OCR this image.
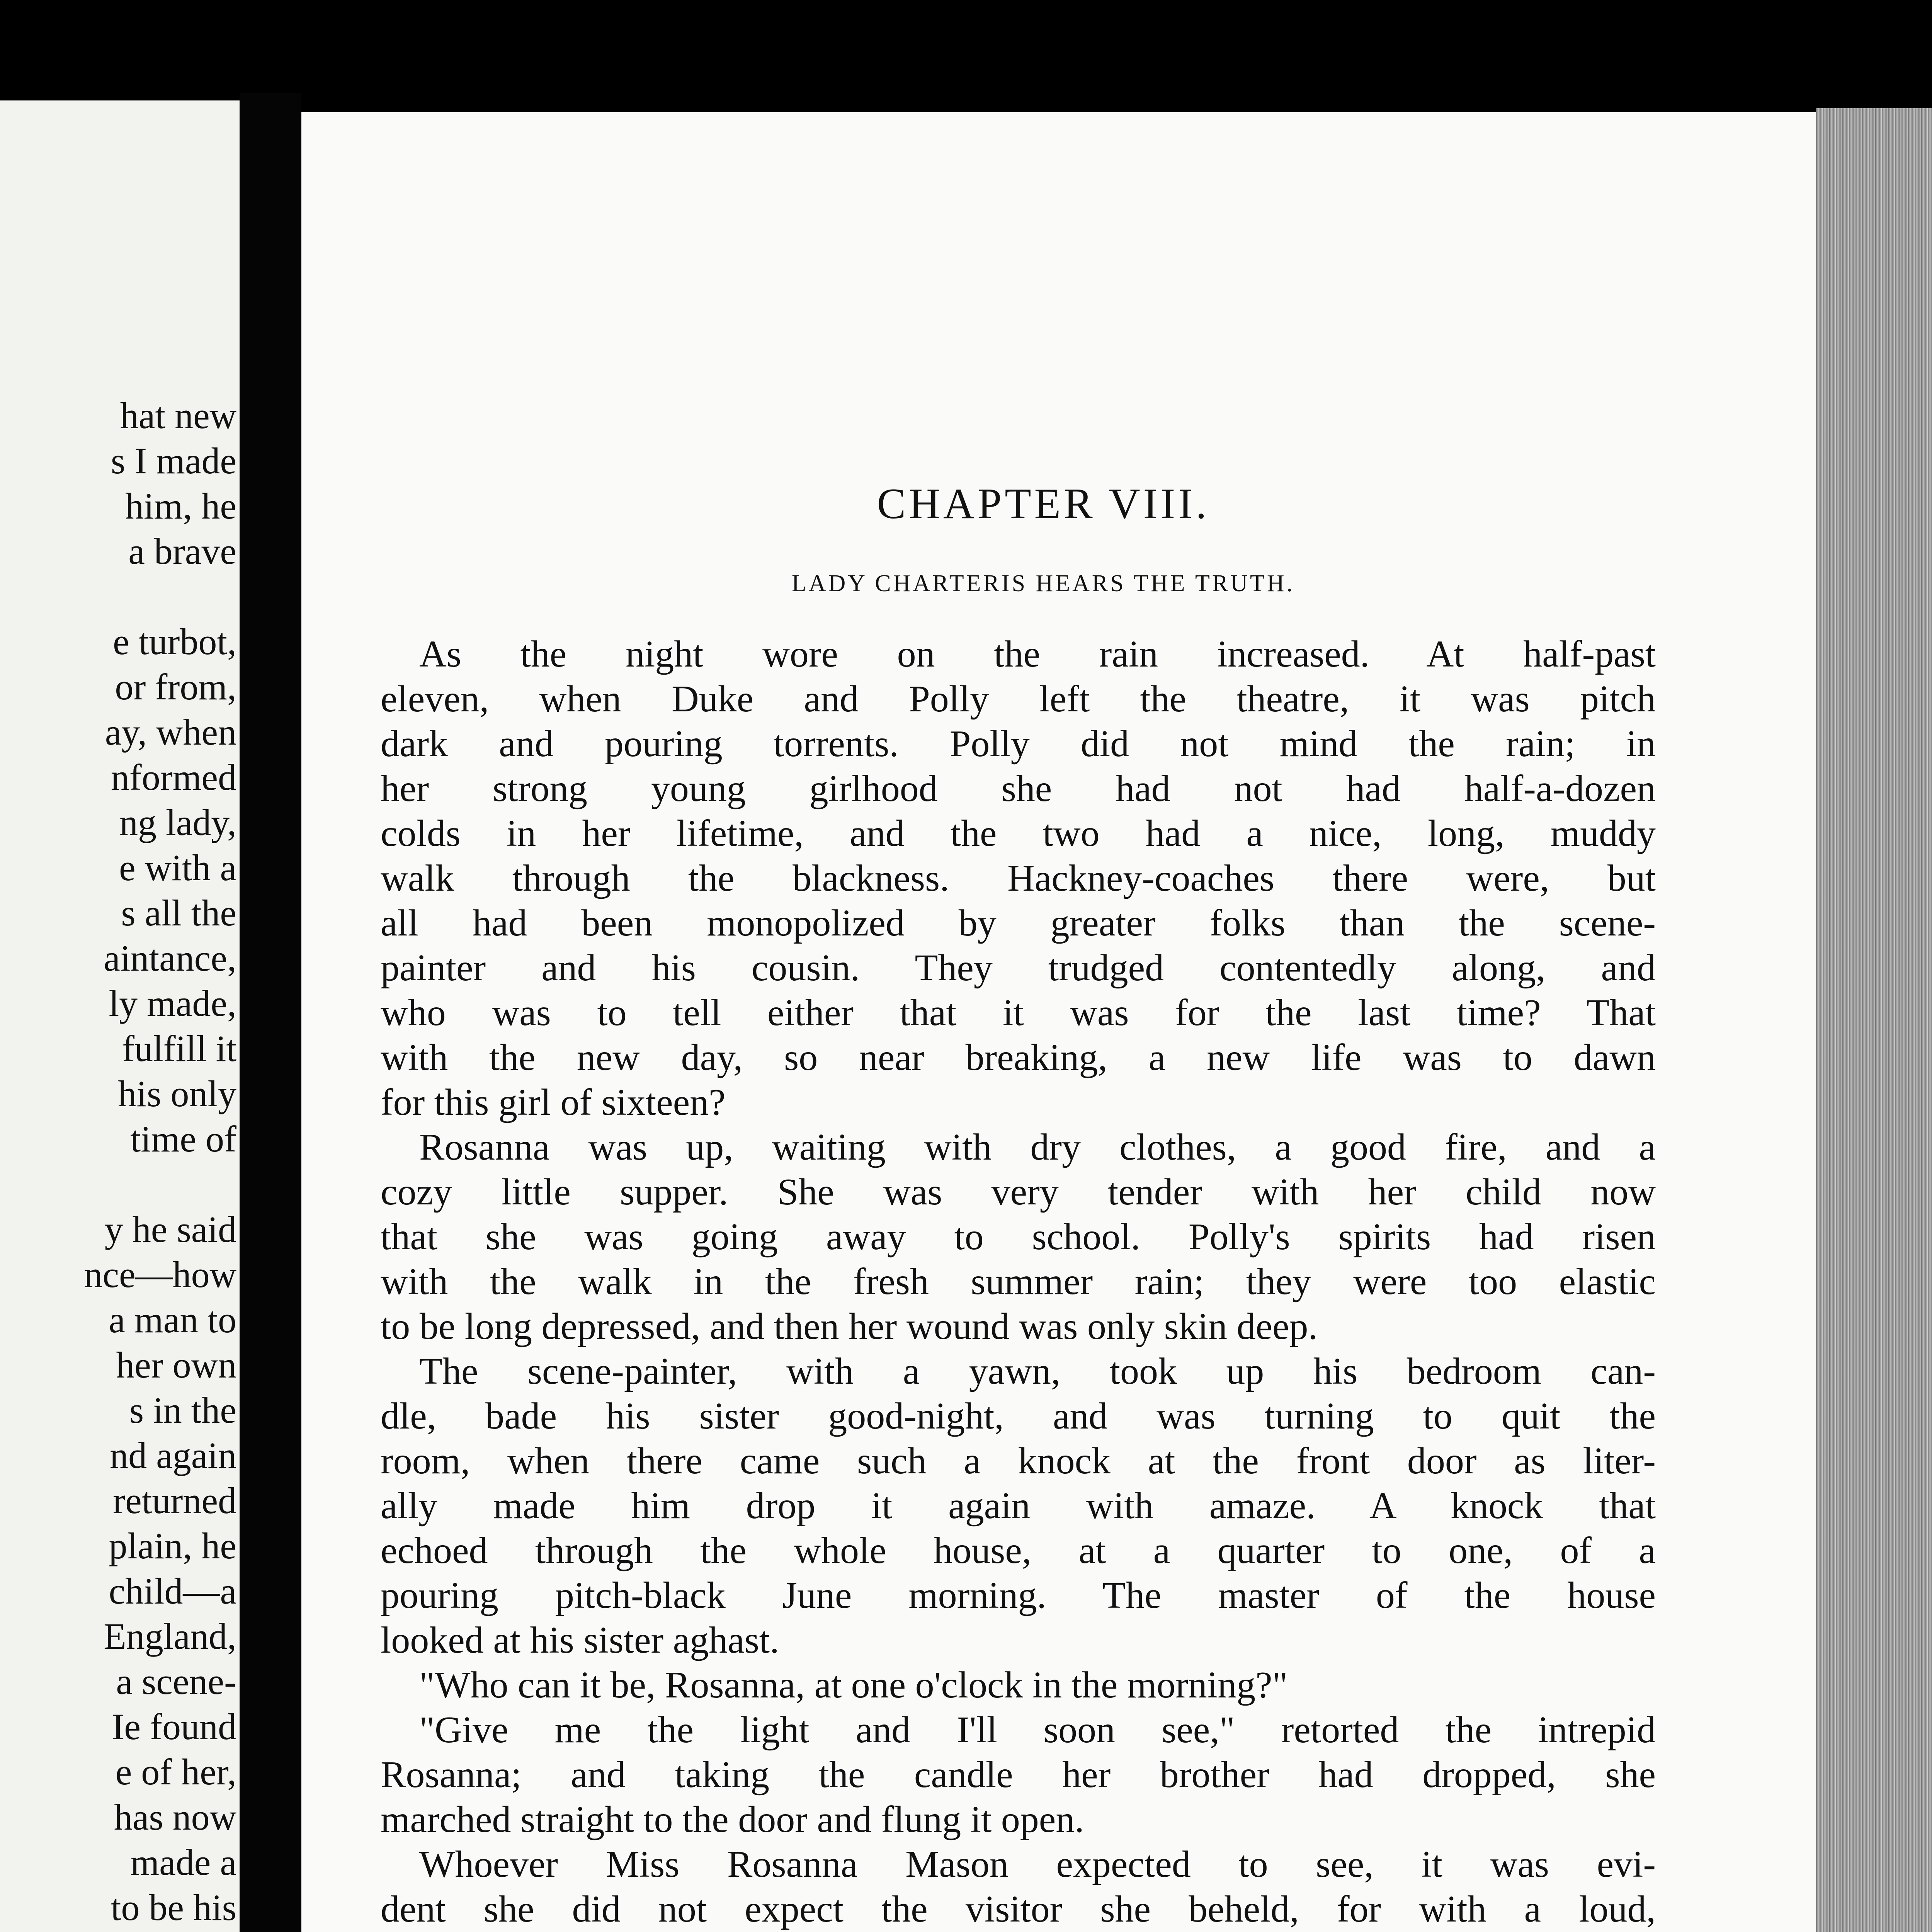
hat new
s I made
him, he
a brave
e turbot,
or from,
ay, when
nformed
ng lady,
e with a
s all the
aintance,
ly made,
fulfill it
his only
time of
y he said
nce—how
a man to
her own
s in the
nd again
returned
plain, he
child—a
England,
a scene-
Ie found
e of her,
has now
made a
to be his
CHAPTER VIII.
LADY CHARTERIS HEARS THE TRUTH.
As the night wore on the rain increased. At half-past
eleven, when Duke and Polly left the theatre, it was pitch
dark and pouring torrents. Polly did not mind the rain; in
her strong young girlhood she had not had half-a-dozen
colds in her lifetime, and the two had a nice, long, muddy
walk through the blackness. Hackney-coaches there were, but
all had been monopolized by greater folks than the scene-
painter and his cousin. They trudged contentedly along, and
who was to tell either that it was for the last time? That
with the new day, so near breaking, a new life was to dawn
for this girl of sixteen?
Rosanna was up, waiting with dry clothes, a good fire, and a
cozy little supper. She was very tender with her child now
that she was going away to school. Polly's spirits had risen
with the walk in the fresh summer rain; they were too elastic
to be long depressed, and then her wound was only skin deep.
The scene-painter, with a yawn, took up his bedroom can-
dle, bade his sister good-night, and was turning to quit the
room, when there came such a knock at the front door as liter-
ally made him drop it again with amaze. A knock that
echoed through the whole house, at a quarter to one, of a
pouring pitch-black June morning. The master of the house
looked at his sister aghast.
"Who can it be, Rosanna, at one o'clock in the morning?"
"Give me the light and I'll soon see," retorted the intrepid
Rosanna; and taking the candle her brother had dropped, she
marched straight to the door and flung it open.
Whoever Miss Rosanna Mason expected to see, it was evi-
dent she did not expect the visitor she beheld, for with a loud,
